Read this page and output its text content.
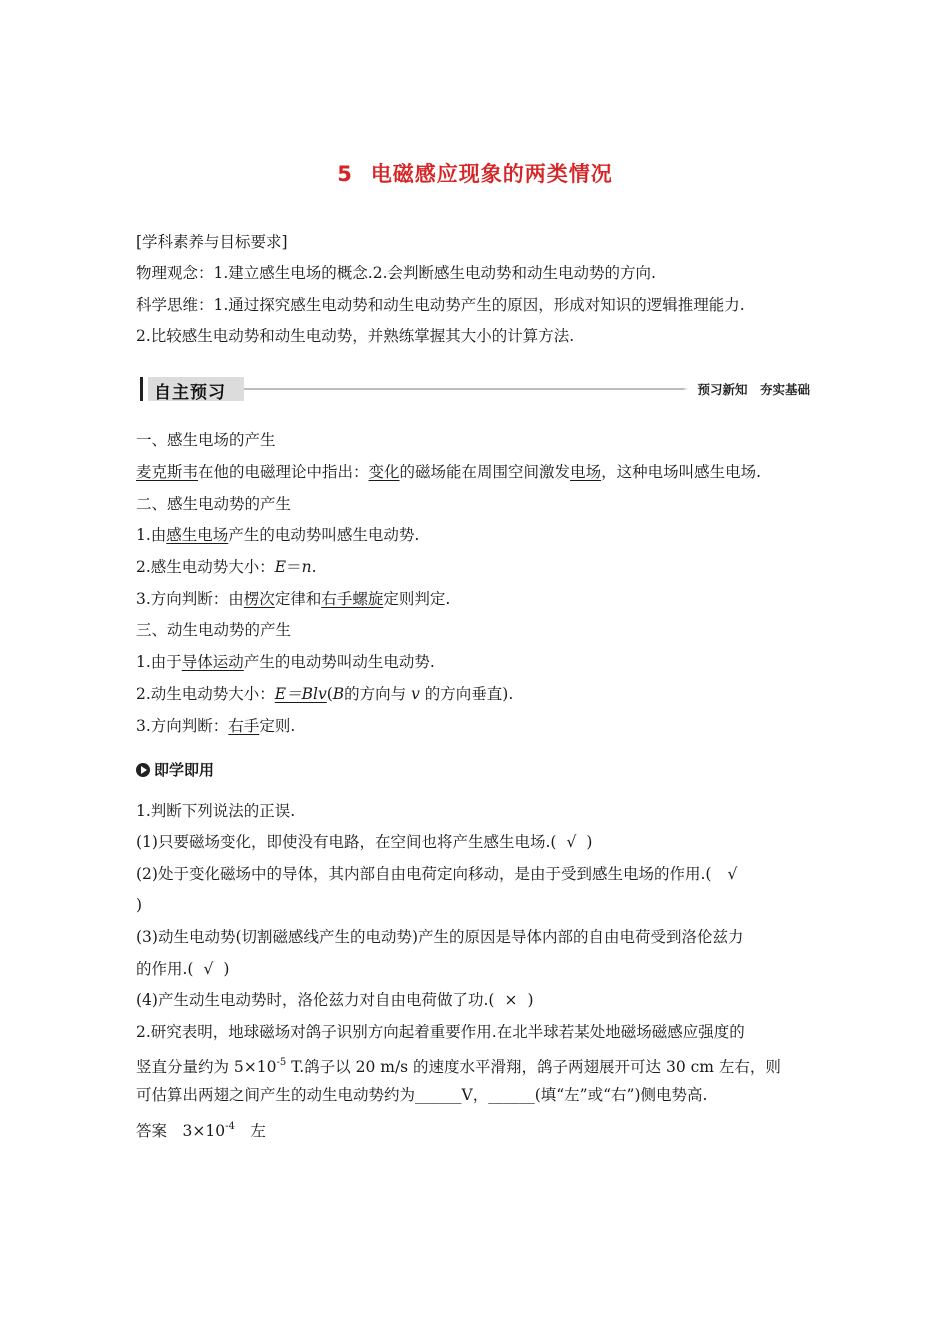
5 电磁感应现象的两类情况
[学科素养与目标要求]
物理观念：1.建立感生电场的概念.2.会判断感生电动势和动生电动势的方向.
科学思维：1.通过探究感生电动势和动生电动势产生的原因，形成对知识的逻辑推理能力.
2.比较感生电动势和动生电动势，并熟练掌握其大小的计算方法.
自主预习	预习新知　夯实基础
一、感生电场的产生
麦克斯韦在他的电磁理论中指出：变化的磁场能在周围空间激发电场，这种电场叫感生电场.
二、感生电动势的产生
1.由感生电场产生的电动势叫感生电动势.
2.感生电动势大小：E＝n.
3.方向判断：由楞次定律和右手螺旋定则判定.
三、动生电动势的产生
1.由于导体运动产生的电动势叫动生电动势.
2.动生电动势大小：E＝Blv(B的方向与 v 的方向垂直).
3.方向判断：右手定则.
即学即用
1.判断下列说法的正误.
(1)只要磁场变化，即使没有电路，在空间也将产生感生电场.( √ )
(2)处于变化磁场中的导体，其内部自由电荷定向移动，是由于受到感生电场的作用.( √
)
(3)动生电动势(切割磁感线产生的电动势)产生的原因是导体内部的自由电荷受到洛伦兹力
的作用.( √ )
(4)产生动生电动势时，洛伦兹力对自由电荷做了功.( × )
2.研究表明，地球磁场对鸽子识别方向起着重要作用.在北半球若某处地磁场磁感应强度的
竖直分量约为 $5\times 10^{-5}$ T.鸽子以 20 m/s 的速度水平滑翔，鸽子两翅展开可达 30 cm 左右，则
可估算出两翅之间产生的动生电动势约为______V，______(填“左”或“右”)侧电势高.
答案　$3\times 10^{-4}$　左
